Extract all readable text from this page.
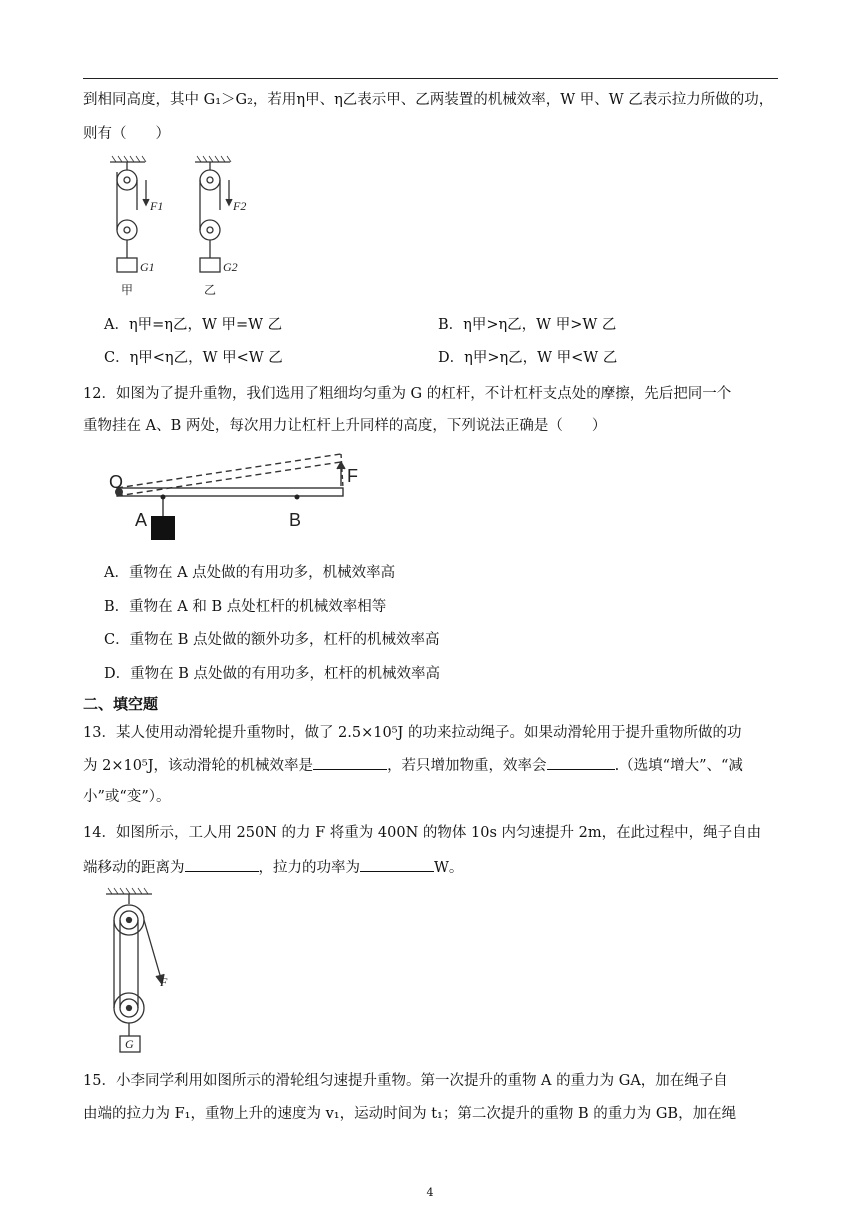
到相同高度，其中 G₁＞G₂，若用η甲、η乙表示甲、乙两装置的机械效率，W 甲、W 乙表示拉力所做的功，
则有（　　）
F1	F2
G1	G2
甲	乙
A．η甲=η乙，W 甲=W 乙	B．η甲>η乙，W 甲>W 乙
C．η甲<η乙，W 甲<W 乙	D．η甲>η乙，W 甲<W 乙
12．如图为了提升重物，我们选用了粗细均匀重为 G 的杠杆，不计杠杆支点处的摩擦，先后把同一个
重物挂在 A、B 两处，每次用力让杠杆上升同样的高度，下列说法正确是（　　）
O
A	B
F
A．重物在 A 点处做的有用功多，机械效率高
B．重物在 A 和 B 点处杠杆的机械效率相等
C．重物在 B 点处做的额外功多，杠杆的机械效率高
D．重物在 B 点处做的有用功多，杠杆的机械效率高
二、填空题
13．某人使用动滑轮提升重物时，做了 2.5×10⁵J 的功来拉动绳子。如果动滑轮用于提升重物所做的功
为 2×10⁵J，该动滑轮的机械效率是	，若只增加物重，效率会	.（选填“增大”、“减
小”或“变”）。
14．如图所示，工人用 250N 的力 F 将重为 400N 的物体 10s 内匀速提升 2m，在此过程中，绳子自由
端移动的距离为	，拉力的功率为	W。
F
G
15．小李同学利用如图所示的滑轮组匀速提升重物。第一次提升的重物 A 的重力为 GA，加在绳子自
由端的拉力为 F₁，重物上升的速度为 v₁，运动时间为 t₁；第二次提升的重物 B 的重力为 GB，加在绳
4
